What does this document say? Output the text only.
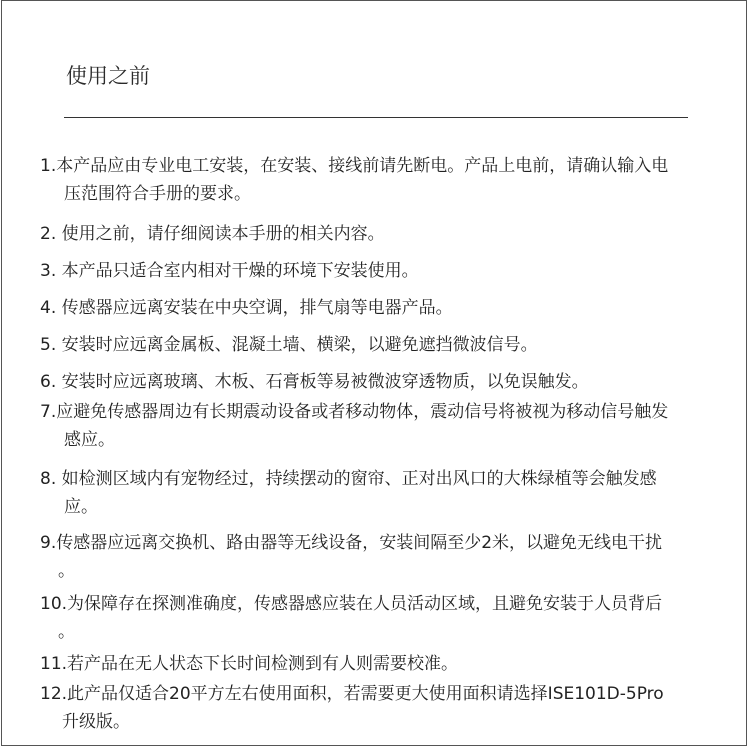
使用之前
1.本产品应由专业电工安装，在安装、接线前请先断电。产品上电前，请确认输入电
压范围符合手册的要求。
2. 使用之前，请仔细阅读本手册的相关内容。
3. 本产品只适合室内相对干燥的环境下安装使用。
4. 传感器应远离安装在中央空调，排气扇等电器产品。
5. 安装时应远离金属板、混凝土墙、横梁，以避免遮挡微波信号。
6. 安装时应远离玻璃、木板、石膏板等易被微波穿透物质，以免误触发。
7.应避免传感器周边有长期震动设备或者移动物体，震动信号将被视为移动信号触发
感应。
8. 如检测区域内有宠物经过，持续摆动的窗帘、正对出风口的大株绿植等会触发感
应。
9.传感器应远离交换机、路由器等无线设备，安装间隔至少2米，以避免无线电干扰
。
10.为保障存在探测准确度，传感器感应装在人员活动区域，且避免安装于人员背后
。
11.若产品在无人状态下长时间检测到有人则需要校准。
12.此产品仅适合20平方左右使用面积，若需要更大使用面积请选择ISE101D-5Pro
升级版。
